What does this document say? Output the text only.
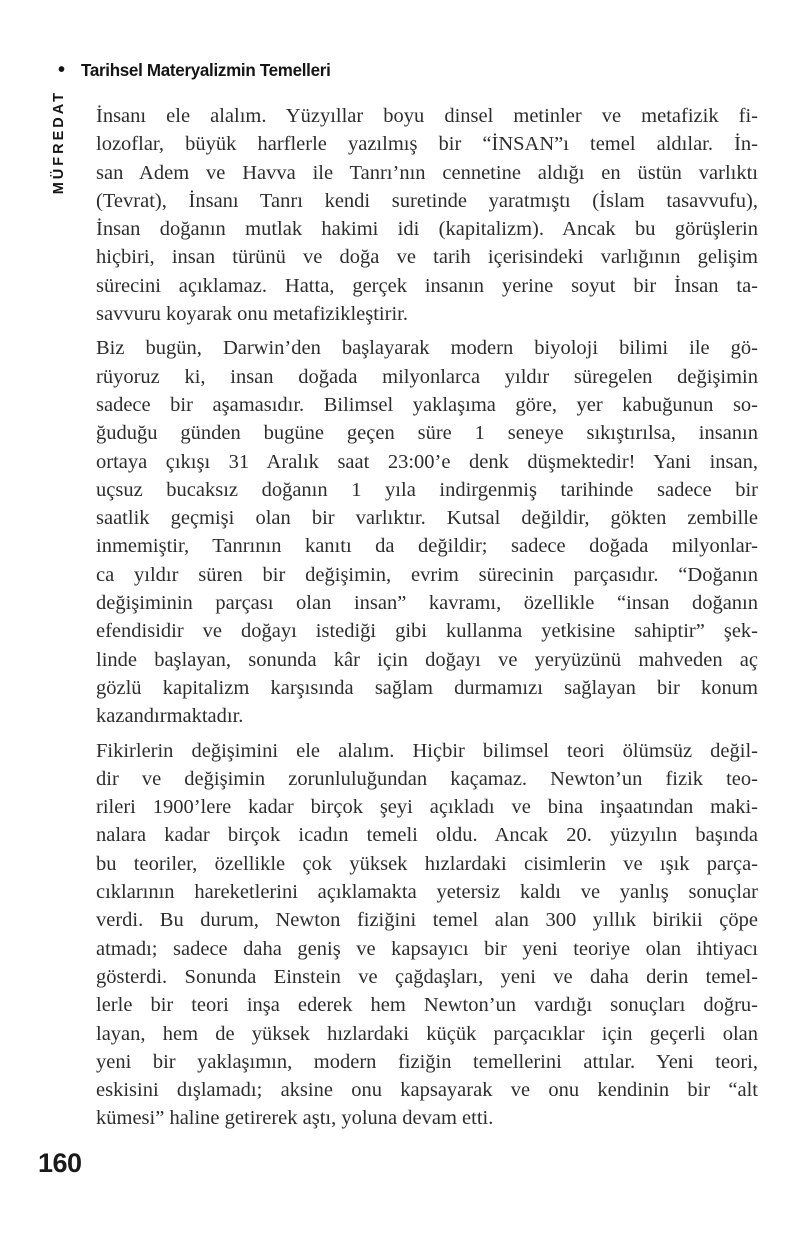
• Tarihsel Materyalizmin Temelleri
MÜFREDAT İnsanı ele alalım. Yüzyıllar boyu dinsel metinler ve metafizik fi-
lozoflar, büyük harflerle yazılmış bir “İNSAN”ı temel aldılar. İn-
san Adem ve Havva ile Tanrı’nın cennetine aldığı en üstün varlıktı
(Tevrat), İnsanı Tanrı kendi suretinde yaratmıştı (İslam tasavvufu),
İnsan doğanın mutlak hakimi idi (kapitalizm). Ancak bu görüşlerin
hiçbiri, insan türünü ve doğa ve tarih içerisindeki varlığının gelişim
sürecini açıklamaz. Hatta, gerçek insanın yerine soyut bir İnsan ta-
savvuru koyarak onu metafizikleştirir.

Biz bugün, Darwin’den başlayarak modern biyoloji bilimi ile gö-
rüyoruz ki, insan doğada milyonlarca yıldır süregelen değişimin
sadece bir aşamasıdır. Bilimsel yaklaşıma göre, yer kabuğunun so-
ğuduğu günden bugüne geçen süre 1 seneye sıkıştırılsa, insanın
ortaya çıkışı 31 Aralık saat 23:00’e denk düşmektedir! Yani insan,
uçsuz bucaksız doğanın 1 yıla indirgenmiş tarihinde sadece bir
saatlik geçmişi olan bir varlıktır. Kutsal değildir, gökten zembille
inmemiştir, Tanrının kanıtı da değildir; sadece doğada milyonlar-
ca yıldır süren bir değişimin, evrim sürecinin parçasıdır. “Doğanın
değişiminin parçası olan insan” kavramı, özellikle “insan doğanın
efendisidir ve doğayı istediği gibi kullanma yetkisine sahiptir” şek-
linde başlayan, sonunda kâr için doğayı ve yeryüzünü mahveden aç
gözlü kapitalizm karşısında sağlam durmamızı sağlayan bir konum
kazandırmaktadır.

Fikirlerin değişimini ele alalım. Hiçbir bilimsel teori ölümsüz değil-
dir ve değişimin zorunluluğundan kaçamaz. Newton’un fizik teo-
rileri 1900’lere kadar birçok şeyi açıkladı ve bina inşaatından maki-
nalara kadar birçok icadın temeli oldu. Ancak 20. yüzyılın başında
bu teoriler, özellikle çok yüksek hızlardaki cisimlerin ve ışık parça-
cıklarının hareketlerini açıklamakta yetersiz kaldı ve yanlış sonuçlar
verdi. Bu durum, Newton fiziğini temel alan 300 yıllık birikii çöpe
atmadı; sadece daha geniş ve kapsayıcı bir yeni teoriye olan ihtiyacı
gösterdi. Sonunda Einstein ve çağdaşları, yeni ve daha derin temel-
lerle bir teori inşa ederek hem Newton’un vardığı sonuçları doğru-
layan, hem de yüksek hızlardaki küçük parçacıklar için geçerli olan
yeni bir yaklaşımın, modern fiziğin temellerini attılar. Yeni teori,
eskisini dışlamadı; aksine onu kapsayarak ve onu kendinin bir “alt
kümesi” haline getirerek aştı, yoluna devam etti.

160
